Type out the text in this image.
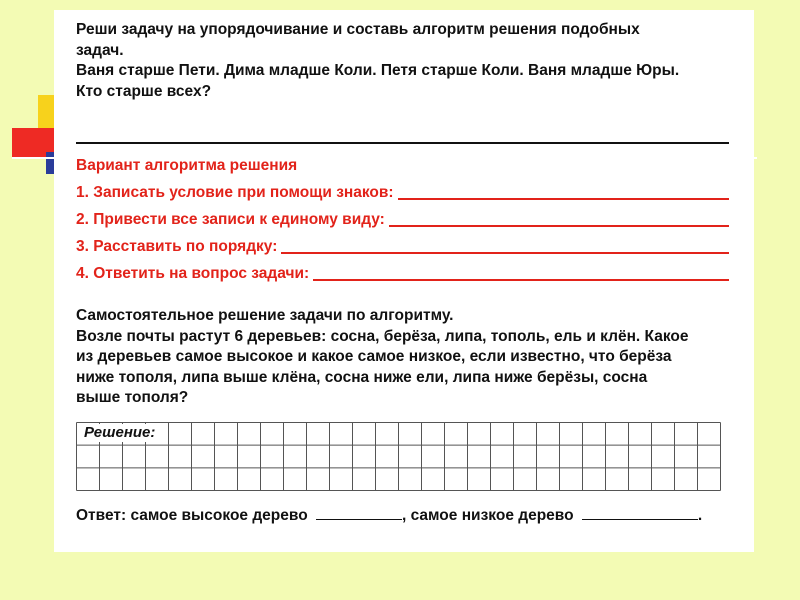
Реши задачу на упорядочивание и составь алгоритм решения подобных

задач.

Ваня старше Пети. Дима младше Коли. Петя старше Коли. Ваня младше Юры.

Кто старше всех?

Вариант алгоритма решения

1. Записать условие при помощи знаков:
2. Привести все записи к единому виду:
3. Расставить по порядку:
4. Ответить на вопрос задачи:

Самостоятельное решение задачи по алгоритму.

Возле почты растут 6 деревьев: сосна, берёза, липа, тополь, ель и клён. Какое

из деревьев самое высокое и какое самое низкое, если известно, что берёза

ниже тополя, липа выше клёна, сосна ниже ели, липа ниже берёзы, сосна

выше тополя?

Решение:
Ответ: самое высокое дерево	, самое низкое дерево	.
